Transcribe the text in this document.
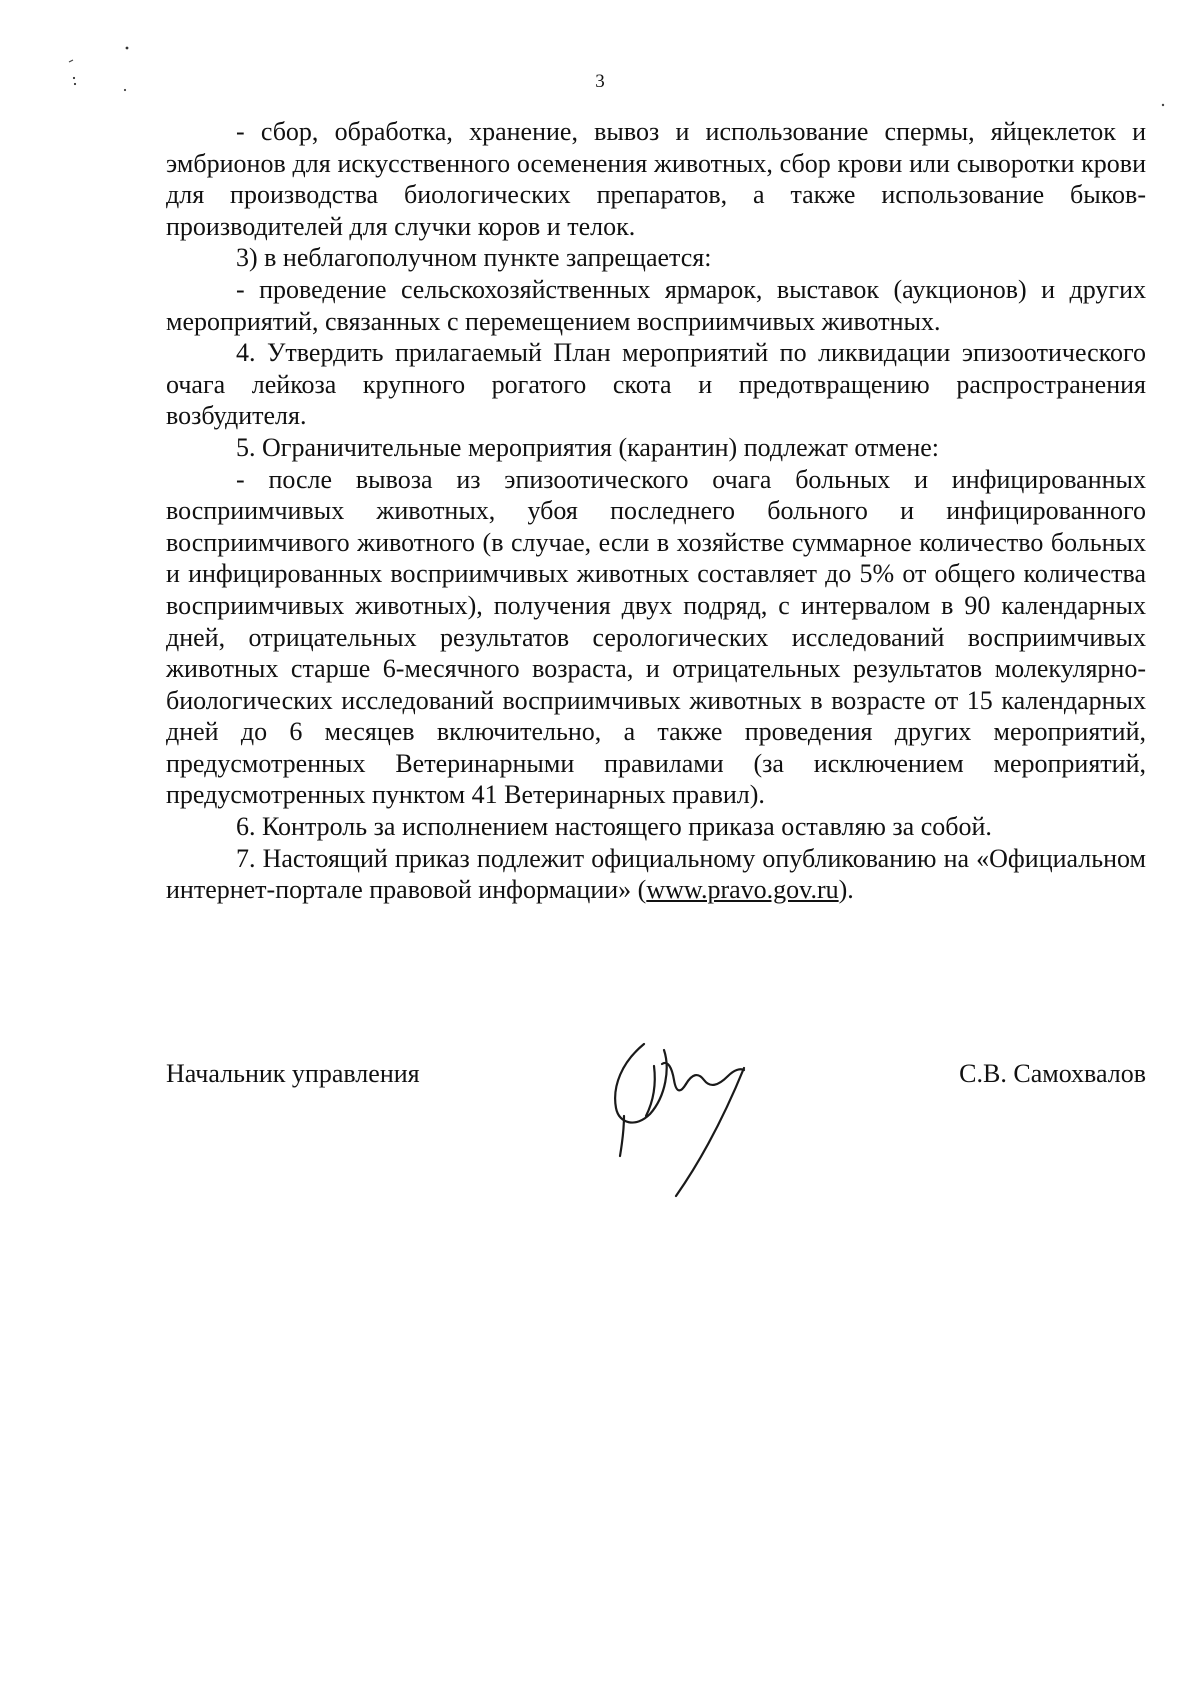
3

- сбор, обработка, хранение, вывоз и использование спермы, яйцеклеток и эмбрионов для искусственного осеменения животных, сбор крови или сыворотки крови для производства биологических препаратов, а также использование быков-производителей для случки коров и телок.

3) в неблагополучном пункте запрещается:

- проведение сельскохозяйственных ярмарок, выставок (аукционов) и других мероприятий, связанных с перемещением восприимчивых животных.

4. Утвердить прилагаемый План мероприятий по ликвидации эпизоотического очага лейкоза крупного рогатого скота и предотвращению распространения возбудителя.

5. Ограничительные мероприятия (карантин) подлежат отмене:

- после вывоза из эпизоотического очага больных и инфицированных восприимчивых животных, убоя последнего больного и инфицированного восприимчивого животного (в случае, если в хозяйстве суммарное количество больных и инфицированных восприимчивых животных составляет до 5% от общего количества восприимчивых животных), получения двух подряд, с интервалом в 90 календарных дней, отрицательных результатов серологических исследований восприимчивых животных старше 6-месячного возраста, и отрицательных результатов молекулярно-биологических исследований восприимчивых животных в возрасте от 15 календарных дней до 6 месяцев включительно, а также проведения других мероприятий, предусмотренных Ветеринарными правилами (за исключением мероприятий, предусмотренных пунктом 41 Ветеринарных правил).

6. Контроль за исполнением настоящего приказа оставляю за собой.

7. Настоящий приказ подлежит официальному опубликованию на «Официальном интернет-портале правовой информации» (www.pravo.gov.ru).

Начальник управления	С.В. Самохвалов
